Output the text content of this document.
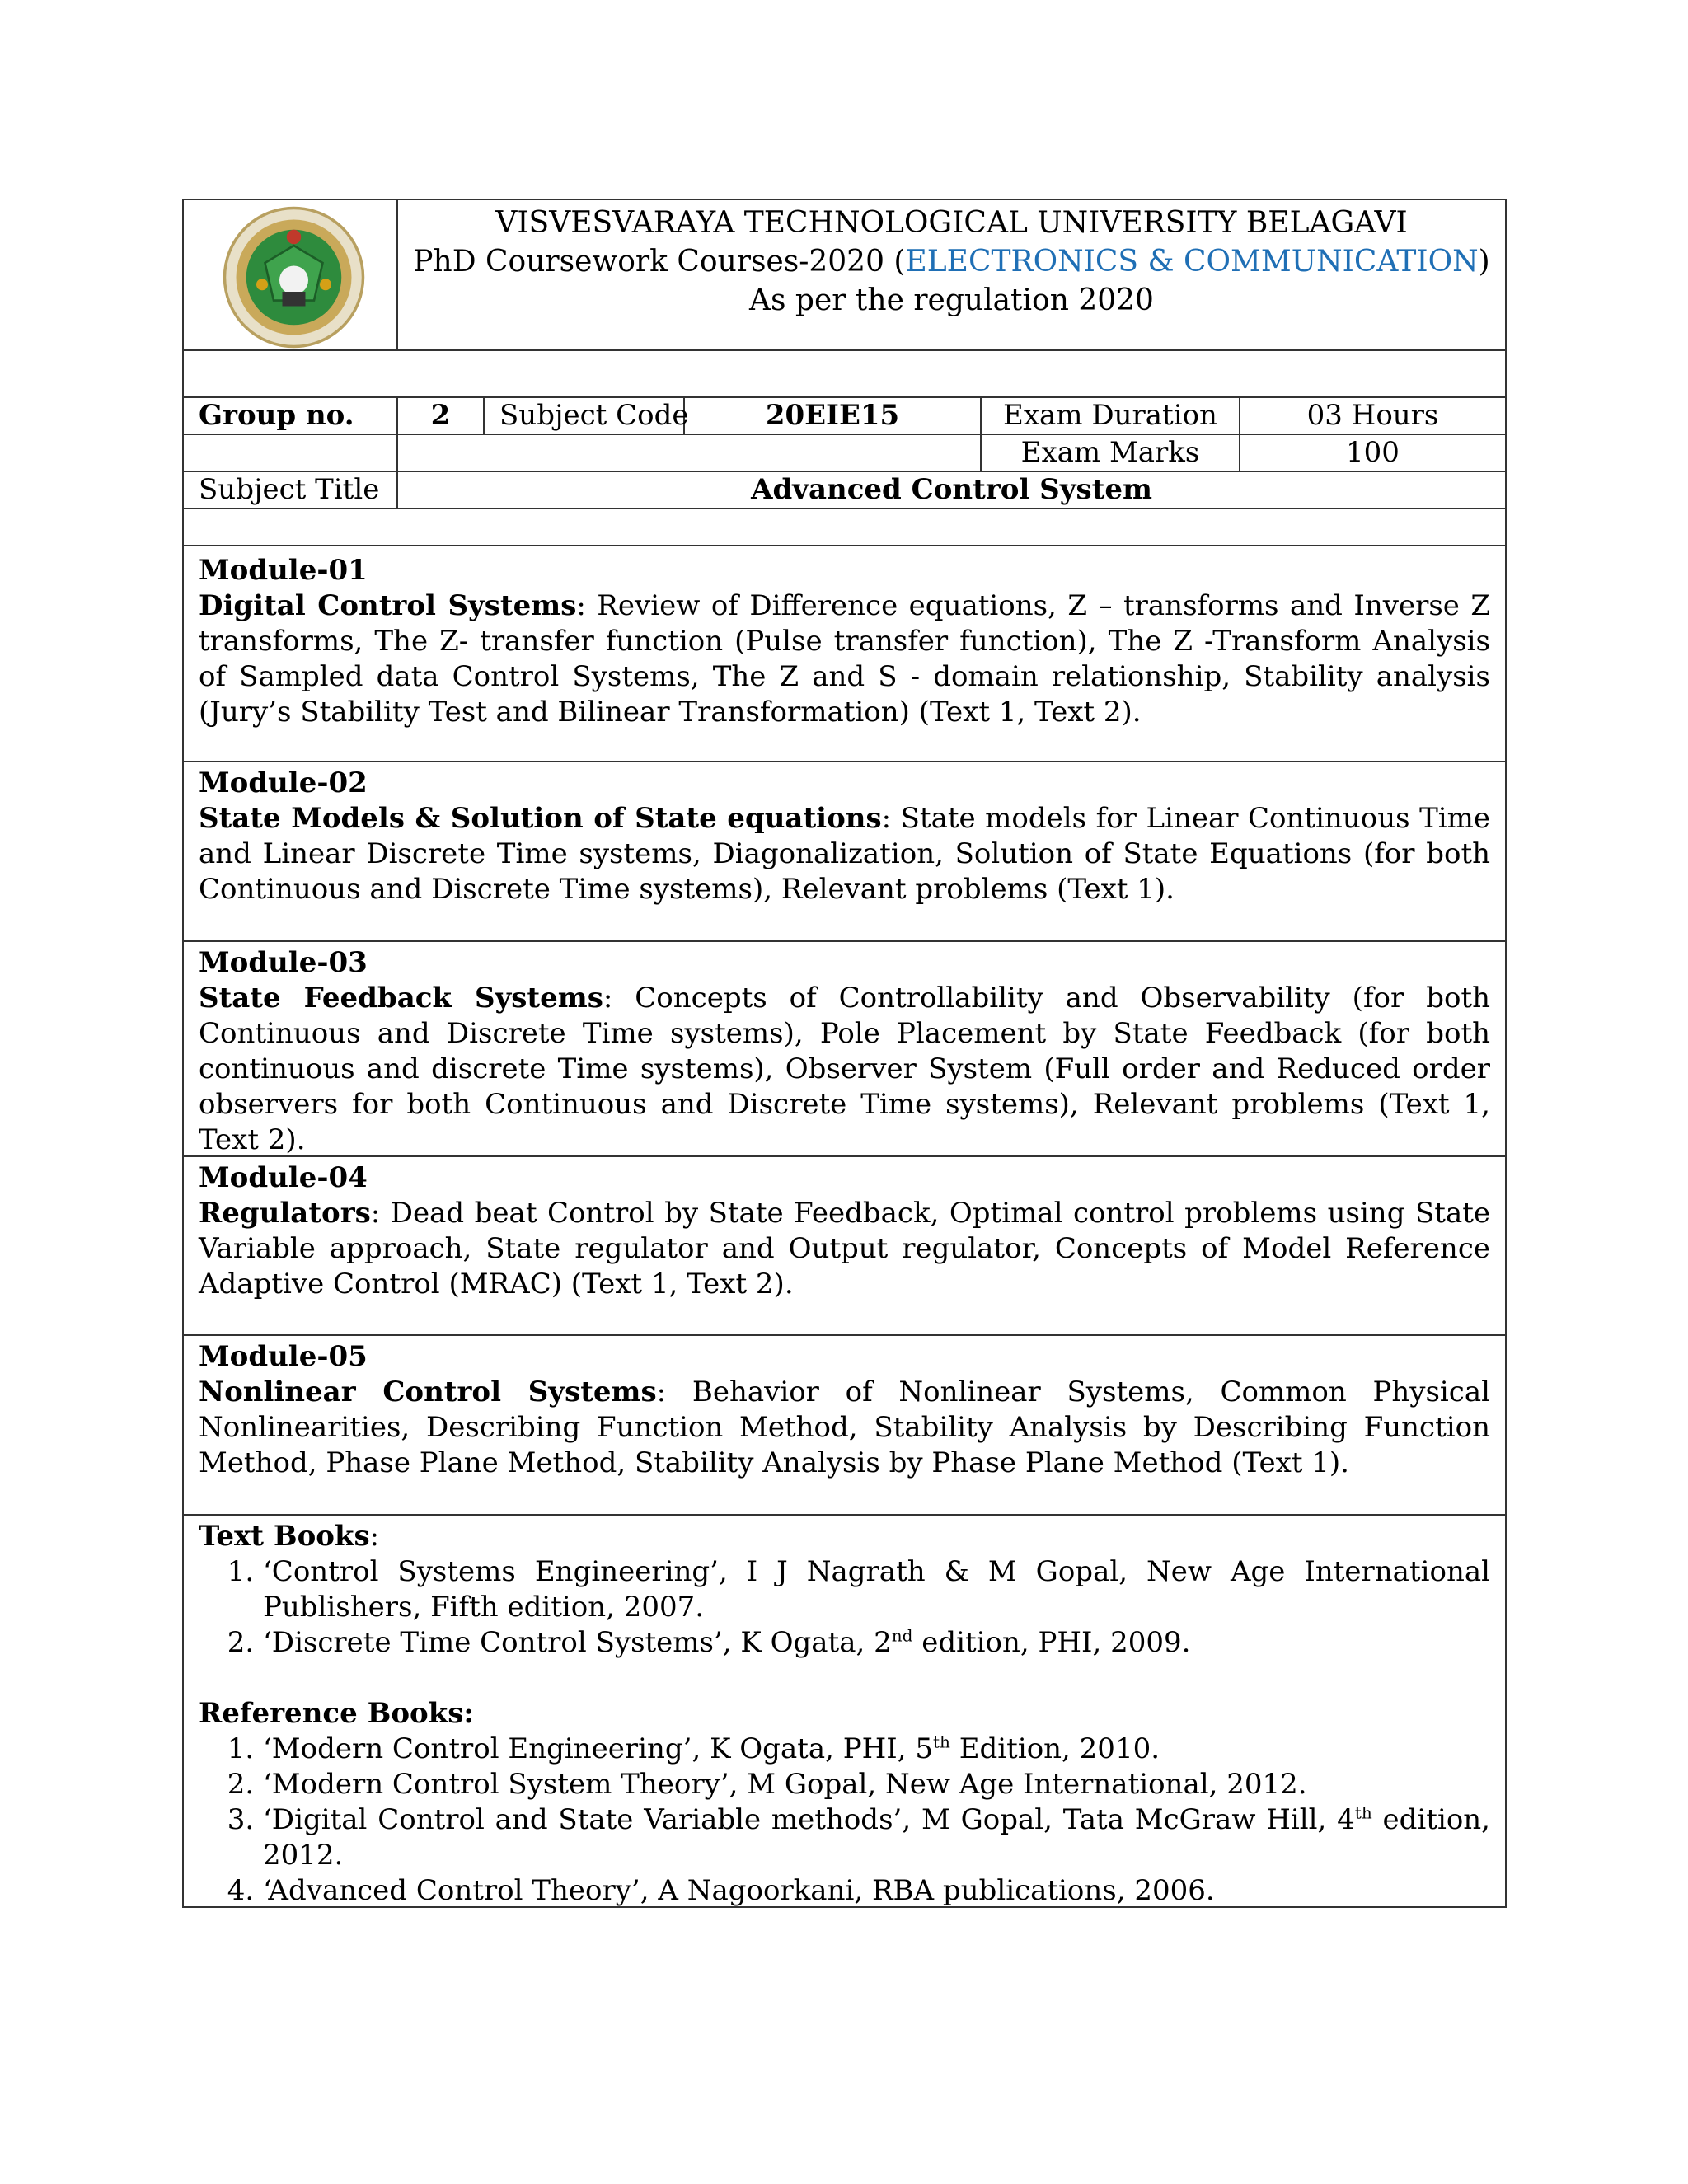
VISVESVARAYA TECHNOLOGICAL UNIVERSITY BELAGAVI
PhD Coursework Courses-2020 (ELECTRONICS & COMMUNICATION)
As per the regulation 2020
Group no.	2	Subject Code	20EIE15	Exam Duration	03 Hours
Exam Marks	100
Subject Title	Advanced Control System
Module-01
Digital Control Systems: Review of Difference equations, Z – transforms and Inverse Z transforms, The Z- transfer function (Pulse transfer function), The Z -Transform Analysis of Sampled data Control Systems, The Z and S - domain relationship, Stability analysis (Jury’s Stability Test and Bilinear Transformation) (Text 1, Text 2).
Module-02
State Models & Solution of State equations: State models for Linear Continuous Time and Linear Discrete Time systems, Diagonalization, Solution of State Equations (for both Continuous and Discrete Time systems), Relevant problems (Text 1).
Module-03
State Feedback Systems: Concepts of Controllability and Observability (for both Continuous and Discrete Time systems), Pole Placement by State Feedback (for both continuous and discrete Time systems), Observer System (Full order and Reduced order observers for both Continuous and Discrete Time systems), Relevant problems (Text 1, Text 2).
Module-04
Regulators: Dead beat Control by State Feedback, Optimal control problems using State Variable approach, State regulator and Output regulator, Concepts of Model Reference Adaptive Control (MRAC) (Text 1, Text 2).
Module-05
Nonlinear Control Systems: Behavior of Nonlinear Systems, Common Physical Nonlinearities, Describing Function Method, Stability Analysis by Describing Function Method, Phase Plane Method, Stability Analysis by Phase Plane Method (Text 1).
Text Books:
1. ‘Control Systems Engineering’, I J Nagrath & M Gopal, New Age International Publishers, Fifth edition, 2007.
2. ‘Discrete Time Control Systems’, K Ogata, 2nd edition, PHI, 2009.
Reference Books:
1. ‘Modern Control Engineering’, K Ogata, PHI, 5th Edition, 2010.
2. ‘Modern Control System Theory’, M Gopal, New Age International, 2012.
3. ‘Digital Control and State Variable methods’, M Gopal, Tata McGraw Hill, 4th edition, 2012.
4. ‘Advanced Control Theory’, A Nagoorkani, RBA publications, 2006.
